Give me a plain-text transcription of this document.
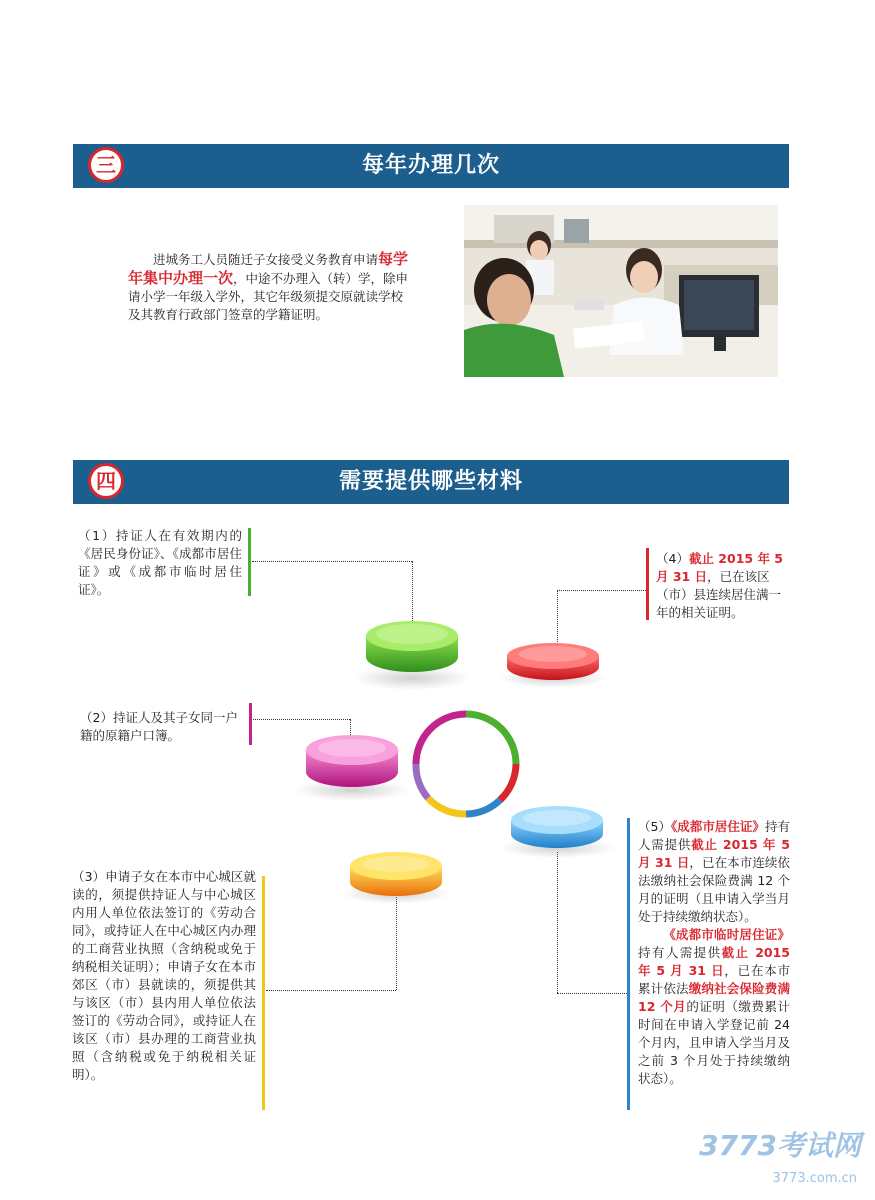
三	每年办理几次
进城务工人员随迁子女接受义务教育申请每学年集中办理一次，中途不办理入（转）学，除申请小学一年级入学外，其它年级须提交原就读学校及其教育行政部门签章的学籍证明。
四	需要提供哪些材料
（1）持证人在有效期内的《居民身份证》、《成都市居住证》或《成都市临时居住证》。
（4）截止 2015 年 5 月 31 日，已在该区（市）县连续居住满一年的相关证明。
（2）持证人及其子女同一户籍的原籍户口簿。
（3）申请子女在本市中心城区就读的，须提供持证人与中心城区内用人单位依法签订的《劳动合同》，或持证人在中心城区内办理的工商营业执照（含纳税或免于纳税相关证明）；申请子女在本市郊区（市）县就读的，须提供其与该区（市）县内用人单位依法签订的《劳动合同》，或持证人在该区（市）县办理的工商营业执照（含纳税或免于纳税相关证明）。
（5）《成都市居住证》持有人需提供截止 2015 年 5 月 31 日，已在本市连续依法缴纳社会保险费满 12 个月的证明（且申请入学当月处于持续缴纳状态）。
《成都市临时居住证》持有人需提供截止 2015 年 5 月 31 日，已在本市累计依法缴纳社会保险费满 12 个月的证明（缴费累计时间在申请入学登记前 24 个月内，且申请入学当月及之前 3 个月处于持续缴纳状态）。
3773考试网
3773.com.cn
